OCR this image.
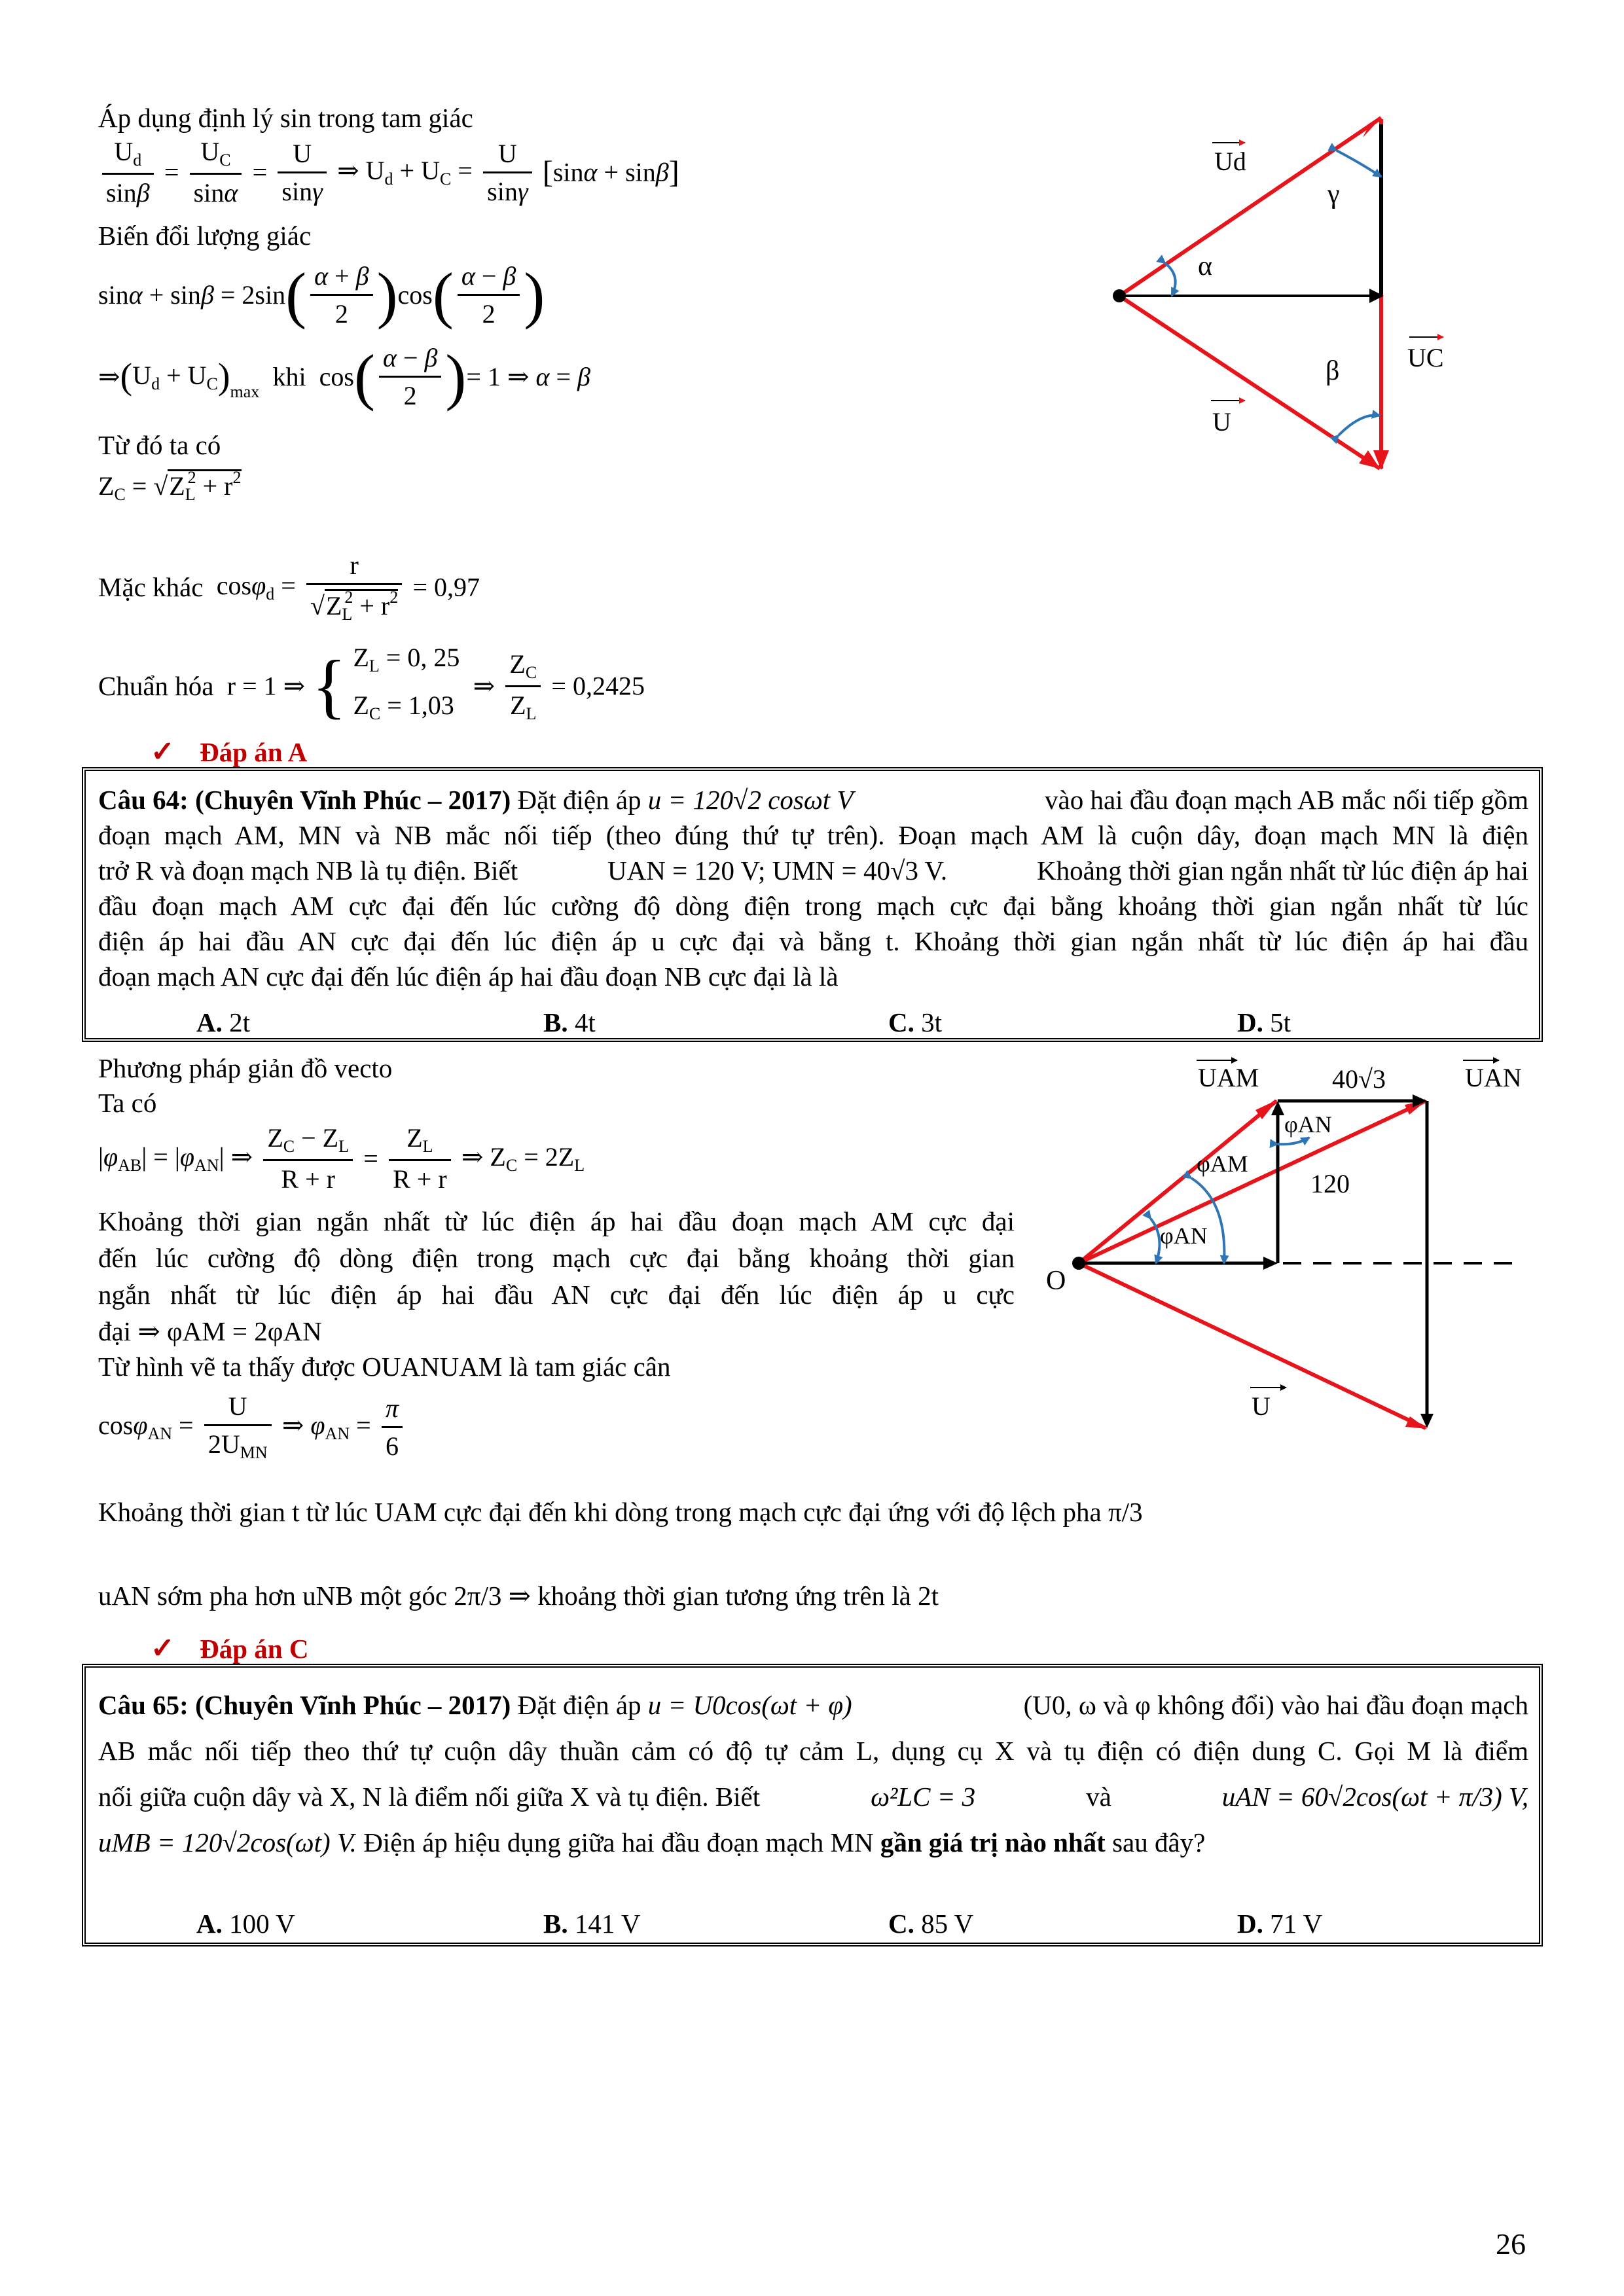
Áp dụng định lý sin trong tam giác
$\frac{U_d}{\sin\beta} = \frac{U_C}{\sin\alpha} = \frac{U}{\sin\gamma}$ ⇒ $U_d + U_C = \frac{U}{\sin\gamma} [\sin\alpha + \sin\beta]$
Biến đổi lượng giác
$\sin\alpha + \sin\beta = 2\sin( \frac{\alpha + \beta}{2} )\cos( \frac{\alpha - \beta}{2}$ )
$\Rightarrow(U_d + U_C)_{max}$  khi  $\cos( \frac{\alpha - \beta}{2}$ )= 1 ⇒ α = β
Từ đó ta có
$Z_C = √Z_L^2 + r^2$
Mặc khác  $\cos\varphi_d = \frac{r}{√Z_L^2 + r^2} = 0,97$
Chuẩn hóa  r = 1 ⇒ { $Z_L = 0$, 25
$Z_C = 1,03$  ⇒ $\frac{Z_C}{Z_L} = 0,2425$
✓ Đáp án A
Ud
γ
α
UC
β
U

Câu 64: (Chuyên Vĩnh Phúc – 2017) Đặt điện áp u = 120√2 cosωt V	vào hai đầu đoạn mạch AB mắc nối tiếp gồm

đoạn mạch AM, MN và NB mắc nối tiếp (theo đúng thứ tự trên). Đoạn mạch AM là cuộn dây, đoạn mạch MN là điện

trở R và đoạn mạch NB là tụ điện. Biết	UAN = 120 V; UMN = 40√3 V.	Khoảng thời gian ngắn nhất từ lúc điện áp hai

đầu đoạn mạch AM cực đại đến lúc cường độ dòng điện trong mạch cực đại bằng khoảng thời gian ngắn nhất từ lúc

điện áp hai đầu AN cực đại đến lúc điện áp u cực đại và bằng t. Khoảng thời gian ngắn nhất từ lúc điện áp hai đầu

đoạn mạch AN cực đại đến lúc điện áp hai đầu đoạn NB cực đại là là

A. 2t	B. 4t	C. 3t	D. 5t
Phương pháp giản đồ vecto
Ta có
$|\varphi_{AB}| = |\varphi_{AN}|$ ⇒ $\frac{Z_C - Z_L}{R + r} = \frac{Z_L}{R + r}$ ⇒ $Z_C = 2Z_L$

Khoảng thời gian ngắn nhất từ lúc điện áp hai đầu đoạn mạch AM cực đại

đến lúc cường độ dòng điện trong mạch cực đại bằng khoảng thời gian

ngắn nhất từ lúc điện áp hai đầu AN cực đại đến lúc điện áp u cực

đại ⇒ φAM = 2φAN

Từ hình vẽ ta thấy được OUANUAM là tam giác cân
$\cos\varphi_{AN} = \frac{U}{2U_{MN}}$ ⇒ $\varphi_{AN} = \frac{\pi}{6}$
Khoảng thời gian t từ lúc UAM cực đại đến khi dòng trong mạch cực đại ứng với độ lệch pha π/3
uAN sớm pha hơn uNB một góc 2π/3 ⇒ khoảng thời gian tương ứng trên là 2t
✓ Đáp án C
UAM	40√3	UAN
φAN
φAM
120
φAN
O
U

Câu 65: (Chuyên Vĩnh Phúc – 2017) Đặt điện áp u = U0cos(ωt + φ)	(U0, ω và φ không đổi) vào hai đầu đoạn mạch

AB mắc nối tiếp theo thứ tự cuộn dây thuần cảm có độ tự cảm L, dụng cụ X và tụ điện có điện dung C. Gọi M là điểm

nối giữa cuộn dây và X, N là điểm nối giữa X và tụ điện. Biết	ω²LC = 3	và	uAN = 60√2cos(ωt + π/3) V,

uMB = 120√2cos(ωt) V. Điện áp hiệu dụng giữa hai đầu đoạn mạch MN gần giá trị nào nhất sau đây?

A. 100 V	B. 141 V	C. 85 V	D. 71 V
26
